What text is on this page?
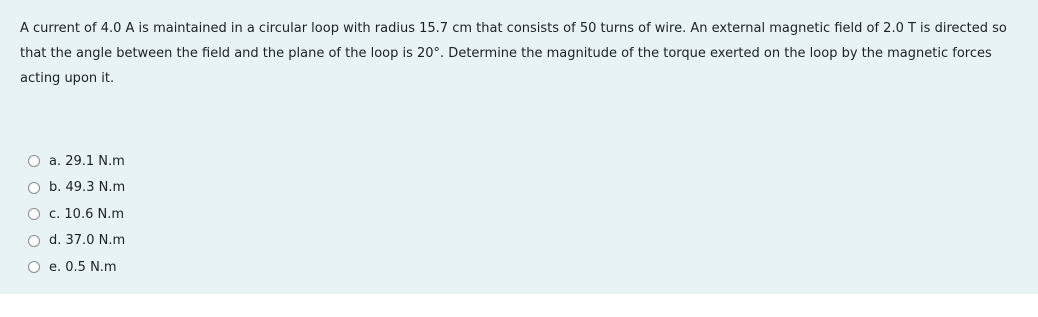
A current of 4.0 A is maintained in a circular loop with radius 15.7 cm that consists of 50 turns of wire. An external magnetic field of 2.0 T is directed so that the angle between the field and the plane of the loop is 20°. Determine the magnitude of the torque exerted on the loop by the magnetic forces acting upon it.

a. 29.1 N.m
b. 49.3 N.m
c. 10.6 N.m
d. 37.0 N.m
e. 0.5 N.m
